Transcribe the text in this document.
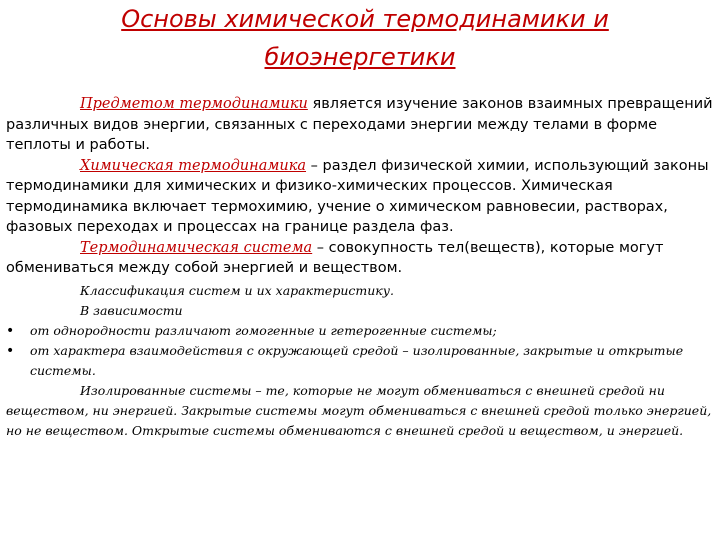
Основы химической термодинамики и
биоэнергетики

Предметом термодинамики является изучение законов взаимных превращений различных видов энергии, связанных с переходами энергии между телами в форме теплоты и работы.

Химическая термодинамика – раздел физической химии, использующий законы термодинамики для химических и физико-химических процессов. Химическая термодинамика включает термохимию, учение о химическом равновесии, растворах, фазовых переходах и процессах на границе раздела фаз.

Термодинамическая система – совокупность тел(веществ), которые могут обмениваться между собой энергией и веществом.

Классификация систем и их характеристику.
В зависимости
• от однородности различают гомогенные и гетерогенные системы;
• от характера взаимодействия с окружающей средой – изолированные, закрытые и открытые системы.

Изолированные системы – те, которые не могут обмениваться с внешней средой ни веществом, ни энергией. Закрытые системы могут обмениваться с внешней средой только энергией, но не веществом. Открытые системы обмениваются с внешней средой и веществом, и энергией.
